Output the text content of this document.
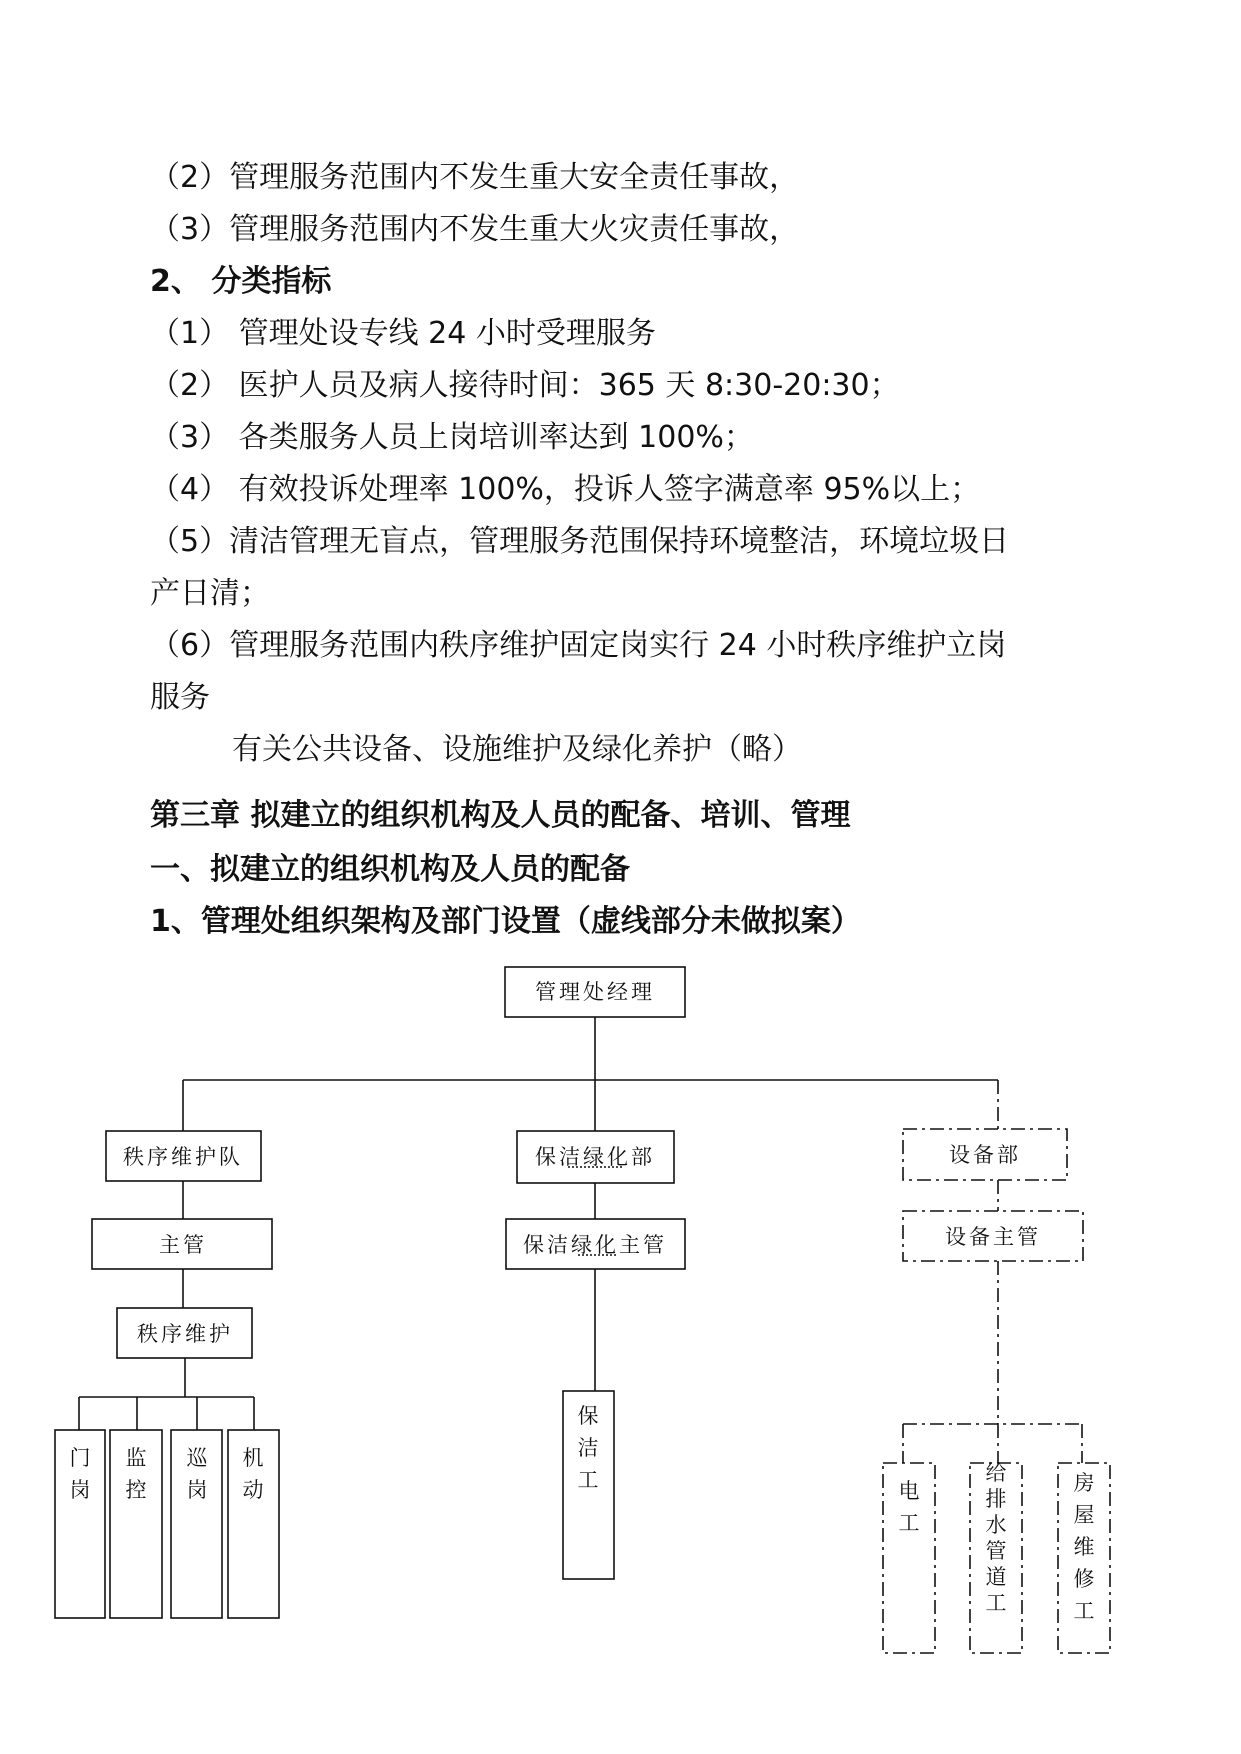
（2）管理服务范围内不发生重大安全责任事故，
（3）管理服务范围内不发生重大火灾责任事故，
2、 分类指标
（1） 管理处设专线 24 小时受理服务
（2） 医护人员及病人接待时间：365 天 8:30-20:30；
（3） 各类服务人员上岗培训率达到 100%；
（4） 有效投诉处理率 100%，投诉人签字满意率 95%以上；
（5）清洁管理无盲点，管理服务范围保持环境整洁，环境垃圾日
产日清；
（6）管理服务范围内秩序维护固定岗实行 24 小时秩序维护立岗
服务
有关公共设备、设施维护及绿化养护（略）
第三章 拟建立的组织机构及人员的配备、培训、管理
一、拟建立的组织机构及人员的配备
1、管理处组织架构及部门设置（虚线部分未做拟案）
管理处经理
秩序维护队
主管
秩序维护
保洁绿化部
保洁绿化主管
设备部
设备主管
门岗
监控
巡岗
机动
保洁工	电工
给排水管道工
房屋维修工
